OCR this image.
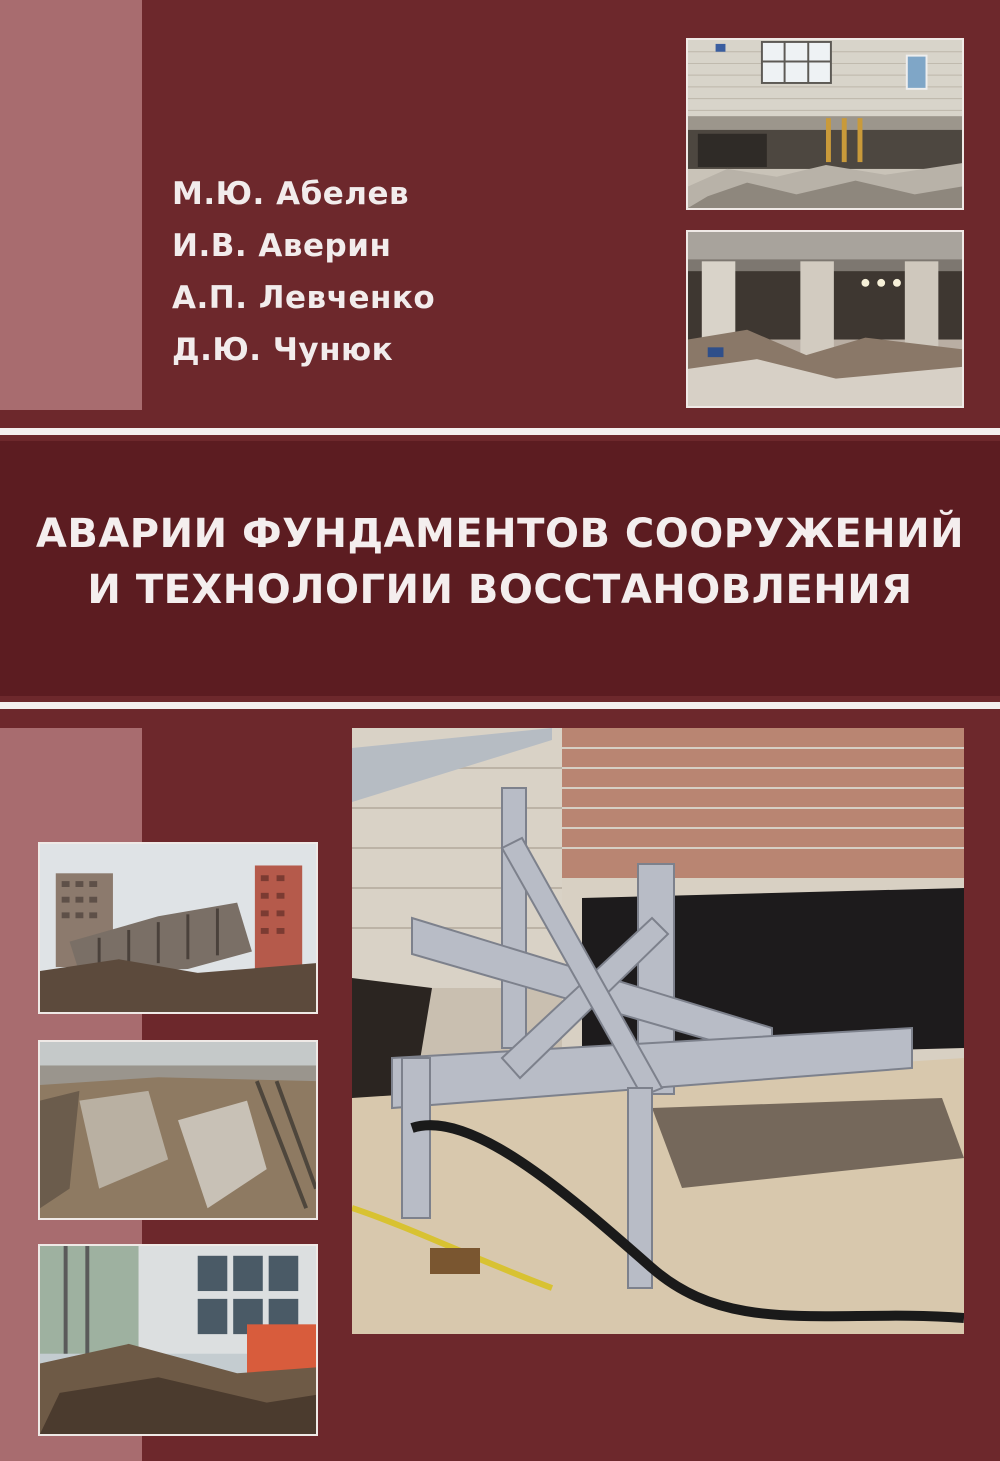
М.Ю. Абелев
И.В. Аверин
А.П. Левченко
Д.Ю. Чунюк
АВАРИИ ФУНДАМЕНТОВ СООРУЖЕНИЙ
И ТЕХНОЛОГИИ ВОССТАНОВЛЕНИЯ
